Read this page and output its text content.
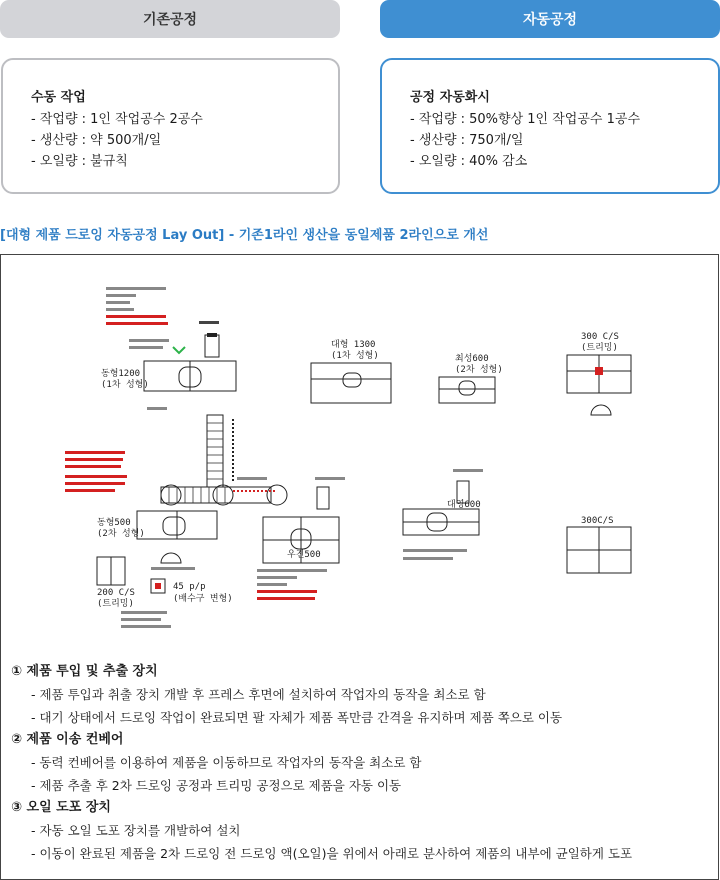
기존공정	자동공정
수동 작업
- 작업량 : 1인 작업공수 2공수
- 생산량 : 약 500개/일
- 오일량 : 불규칙
공정 자동화시
- 작업량 : 50%향상 1인 작업공수 1공수
- 생산량 : 750개/일
- 오일량 : 40% 감소
[대형 제품 드로잉 자동공정 Lay Out] - 기존1라인 생산을 동일제품 2라인으로 개선
동형1200
(1차 성형)
동형500
(2차 성형)
200 C/S
(트리밍)
45 p/p
(배수구 변형)
우진500
대형 1300
(1차 성형)	최성600
(2차 성형)
300 C/S
(트리밍)
대영600
300C/S
① 제품 투입 및 추출 장치
- 제품 투입과 취출 장치 개발 후 프레스 후면에 설치하여 작업자의 동작을 최소로 함
- 대기 상태에서 드로잉 작업이 완료되면 팔 자체가 제품 폭만큼 간격을 유지하며 제품 쪽으로 이동
② 제품 이송 컨베어
- 동력 컨베어를 이용하여 제품을 이동하므로 작업자의 동작을 최소로 함
- 제품 추출 후 2차 드로잉 공정과 트리밍 공정으로 제품을 자동 이동
③ 오일 도포 장치
- 자동 오일 도포 장치를 개발하여 설치
- 이동이 완료된 제품을 2차 드로잉 전 드로잉 액(오일)을 위에서 아래로 분사하여 제품의 내부에 균일하게 도포
